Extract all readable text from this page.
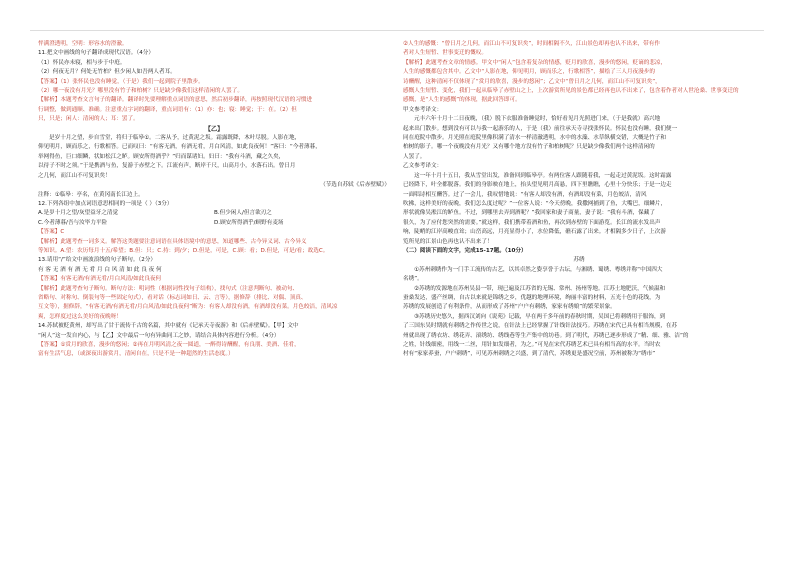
怦满澄透明，空明：形容水的澄澈。

11.把文中画线的句子翻译成现代汉语。（4分）

（1）怀民亦未寝，相与步于中庭。

（2）何夜无月？何处无竹柏？但少闲人如吾两人者耳。

【答案】（1）张怀民也没有睡觉，（于是）我们一起到院子里散步。

（2）哪一夜没有月光？哪里没有竹子和柏树？只是缺少像我们这样清闲的人罢了。

【解析】本题考查文言句子的翻译。翻译时先要理解重点词语的意思，然后初步翻译，再按照现代汉语的习惯进

行调整，做到通顺、准确。注意重点字词的翻译，重点词语有：（1）亦：也；寝：睡觉；于：在。（2）但

只，只是；闲人：清闲的人；耳：罢了。

【乙】

是岁十月之望，步自雪堂，将归于临皋①。二客从予，过黄泥之坂。霜露既降，木叶尽脱。人影在地，

仰见明月，顾而乐之，行歌相答。已而叹曰：“有客无酒，有酒无肴，月白风清，如此良夜何！”客曰：“今者薄暮，

举网得鱼，巨口细鳞，状如松江之鲈。顾安所得酒乎？”归而谋诸妇。妇曰：“我有斗酒，藏之久矣，

以待子不时之须。”于是携酒与鱼，复游于赤壁之下。江流有声，断岸千尺，山高月小，水落石出。曾日月

之几何，而江山不可复识矣！

（节选自苏轼《后赤壁赋》）

注释：①临皋：亭名，在黄冈南长江边上。

12.下列各组中加点词语意思相同的一项是（ ）（3分）

A.是岁十月之望/灰望益牙之清觉	B.但少闲人/但言欲刃之
C.今者薄暮/吾与汝毕力平险	D.顾安所得酒乎/顾野有麦场

【答案】C

【解析】此题考查一词多义。解答这类题要注意词语在具体语境中的意思，知道哪些、古今异义词、古今异义

等知识。A.望：农历每月十五/希望；B.但：只；C.持：到/夕；D.但是，可是，C.顾：看；D.但是，可是/看；故选C。

13.请用“/”给文中画波浪线的句子断句。（2分）

有 客 无 酒 有 酒 无 肴 月 白 风 清 如 此 良 夜 何

【答案】有客无酒/有酒无肴/月白风清/如此良夜何

【解析】此题考查句子断句。断句方法：明词性（根据词性找句子结构），找句式（注意判断句、被动句、

省略句、对称句、倒装句等一些固定句式），看对话（标志词如日、云、言等），据修辞（排比、对偶、顶真、

互文等），据修辞，“有客无酒/有酒无肴/月白风清/如此良夜何”断为：有客人却没有酒，有酒却没有菜。月色皎洁，清风凉

爽，怎样度过这么美好的夜晚呀！

14.苏轼被贬黄州，却写出了甘于流传千古的名篇，其中就有《记承天寺夜游》和《后赤壁赋》。【甲】文中

“闲人”这一发自内心，与【乙】文中最后一句有异曲同工之妙，请结合具体内容进行分析。（4分）

【答案】①赏月的欣喜，漫步的悠闲；②再在月明风清之夜一圆道，一醉得诗酬醒，有良朋、美酒、佳肴，

富有生活气息，（或深夜出游赏月，清闲自在，只是不是一种超然的生活态度。）

②人生的感慨：“曾日月之几何，而江山不可复识矣”，时间相隔不久，江山景色却再也认不出来，带有作

者对人生短暂、世事变迁的慨叹。

【解析】此题考查文章的情感。甲文中“闲人”包含着复杂的情感，贬月的欣喜，漫步的悠闲，贬谪的悲凉，

人生的感慨都包含其中。乙文中“人影在地，仰见明月，顾而乐之，行歌相答”，描绘了三人月夜漫步的

诗酬醒，这种清闲不仅体现了“赏月的欣喜，漫步的悠闲”；乙文中“曾日月之几何，而江山不可复识矣”，

感慨人生短暂、变化，我们一起从临皋了赤壁山之上，上次游赏所见的景色都已经再也认不出来了，包含着作者对人世沧桑、世事变迁的

感慨，是“人生的感慨”的体现，据此回答即可。

甲文参考译文：

元丰六年十月十二日夜晚，（我）脱下衣服准备睡觉时，恰好看见月光照进门来，（于是我就）高兴地

起来出门散步。想到没有可以与我一起游乐的人，于是（我）前往承天寺寻找张怀民。怀民也没有睡，我们便一

同在庭院中散步。月光照在庭院里像积满了清水一样清澈透明，水中的水藻、水草纵横交错，大概是竹子和

柏树的影子。哪一个夜晚没有月光？又有哪个地方没有竹子和柏树呢？只是缺少像我们两个这样清闲的

人罢了。

乙文参考译文：

这一年十月十五日，我从雪堂出发，准备回到临皋亭。有两位客人跟随着我，一起走过黄泥坂。这时霜露

已经降下，叶全都脱落。我们的身影映在地上，抬头望见明月高悬，四下里瞧瞧，心里十分快乐；于是一边走

一面唱诗相互酬答。过了一会儿，我叹惜地说：“有客人却没有酒，有酒却没有菜，月色皎洁，清风

吹拂，这样美好的夜晚，我们怎么度过呢？”一位客人说：“今天傍晚，我撒网捕到了鱼，大嘴巴，细鳞片，

形状就像吴淞江的鲈鱼。不过，到哪里去弄到酒呢？”我回家和妻子商量，妻子说：“我有斗酒，保藏了

很久，为了应付您突然的需要。”就这样，我们携带着酒和鱼，再次到赤壁的下面游览。长江的流水发出声

响，陡峭的江岸高峻直耸；山峦高远，月亮显得小了，水位降低，礁石露了出来。才相隔多少日子，上次游

览所见的江景山色再也认不出来了！

（二）阅读下面的文字，完成15-17题。（10分）

苏绣

①苏州刺绣作为一门手工流传的古艺，以其卓然之姿享誉于古坛，与湘绣、蜀绣、粤绣并称“中国四大

名绣”。

②苏绣的发源地在苏州吴县一带，现已遍及江苏省的无锡、常州、扬州等地。江苏土地肥沃，气候温和

蚕桑发达，盛产丝绸，自古以来就是锦绣之乡，优越的地理环境，绚丽丰富的材料，五光十色的花线，为

苏绣的发展创造了有利条件，从而形成了苏州“户户有刺绣，家家有绣娘”的繁荣景象。

③苏绣历史悠久，据西汉刘向《说苑》记载，早在两千多年前的春秋时期，吴国已将刺绣用于服饰，到

了三国东吴时期就有刺绣之作传世之说，在针法上已经掌握了针线针法技巧。苏绣在宋代已具有相当规模，在苏

州就出现了绣衣坊、绣花弄、滚绣坊、绣线巷等生产集中的坊巷。到了明代，苏绣已逐步形成了“精、细、雅、洁”的

之姓，针线细密，用线一二丝，用针如发细者，为之。”可见在宋代苏绣艺术已具有相当高的水平。当时农

村有“家家养蚕，户户刺绣”，可见苏州刺绣之兴盛，到了清代，苏绣更是盛况空前，苏州被称为“绣市”
